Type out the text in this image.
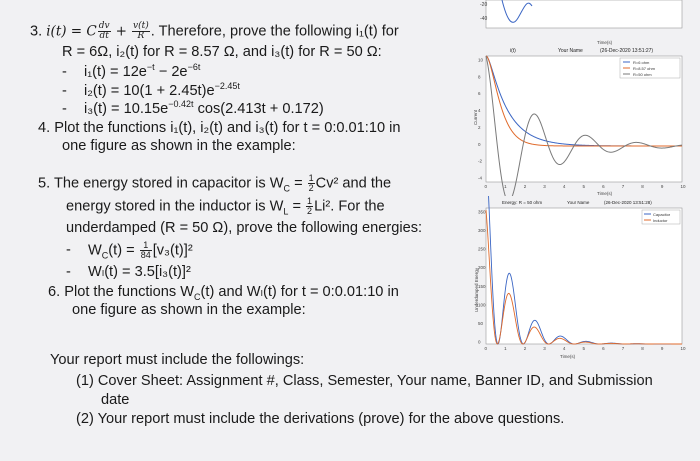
3. i(t) = C $\frac{dv}{dt} + \frac{v(t)}{R}$ . Therefore, prove the following i₁(t) for
R = 6Ω, i₂(t) for R = 8.57 Ω, and i₃(t) for R = 50 Ω:
- $i_1(t) = 12e^{-t} - 2e^{-6t}$
- $i_2(t) = 10(1 + 2.45t)e^{-2.45t}$
- $i_3(t) = 10.15e^{-0.42t}$ cos(2.413t + 0.172)
4. Plot the functions i₁(t), i₂(t) and i₃(t) for t = 0:0.01:10 in
one figure as shown in the example:
5. The energy stored in capacitor is $W_C = \frac{1}{2} Cv^2$ and the
energy stored in the inductor is $W_L = \frac{1}{2} Li^2$. For the
underdamped (R = 50 Ω), prove the following energies:
- $W_C(t) = \frac{1}{84} [v_3(t)]^2$
- Wₗ(t) = 3.5[i₃(t)]²
6. Plot the functions $W_C(t)$ and Wₗ(t) for t = 0:0.01:10 in
one figure as shown in the example:
Your report must include the followings:
(1) Cover Sheet: Assignment #, Class, Semester, Your name, Banner ID, and Submission
date
(2) Your report must include the derivations (prove) for the above questions.
-20
-40
Time(s)
i(t)	Your Name	(26-Dec-2020 13:51:27)
10
8
6
4
2
0
-2
-4
0	1	2	3	4	5	6	7	8	9	10
Current
R=6 ohm
R=8.57 ohm
R=50 ohm
Time(s)
Energy: R = 50 ohm	Your Name	(26-Dec-2020 13:51:28)
350
300
250
200
150
100
50
0
0	1	2	3	4	5	6	7	8	9	10
Underdamped Energy
Capacitor
Inductor
Time(s)
